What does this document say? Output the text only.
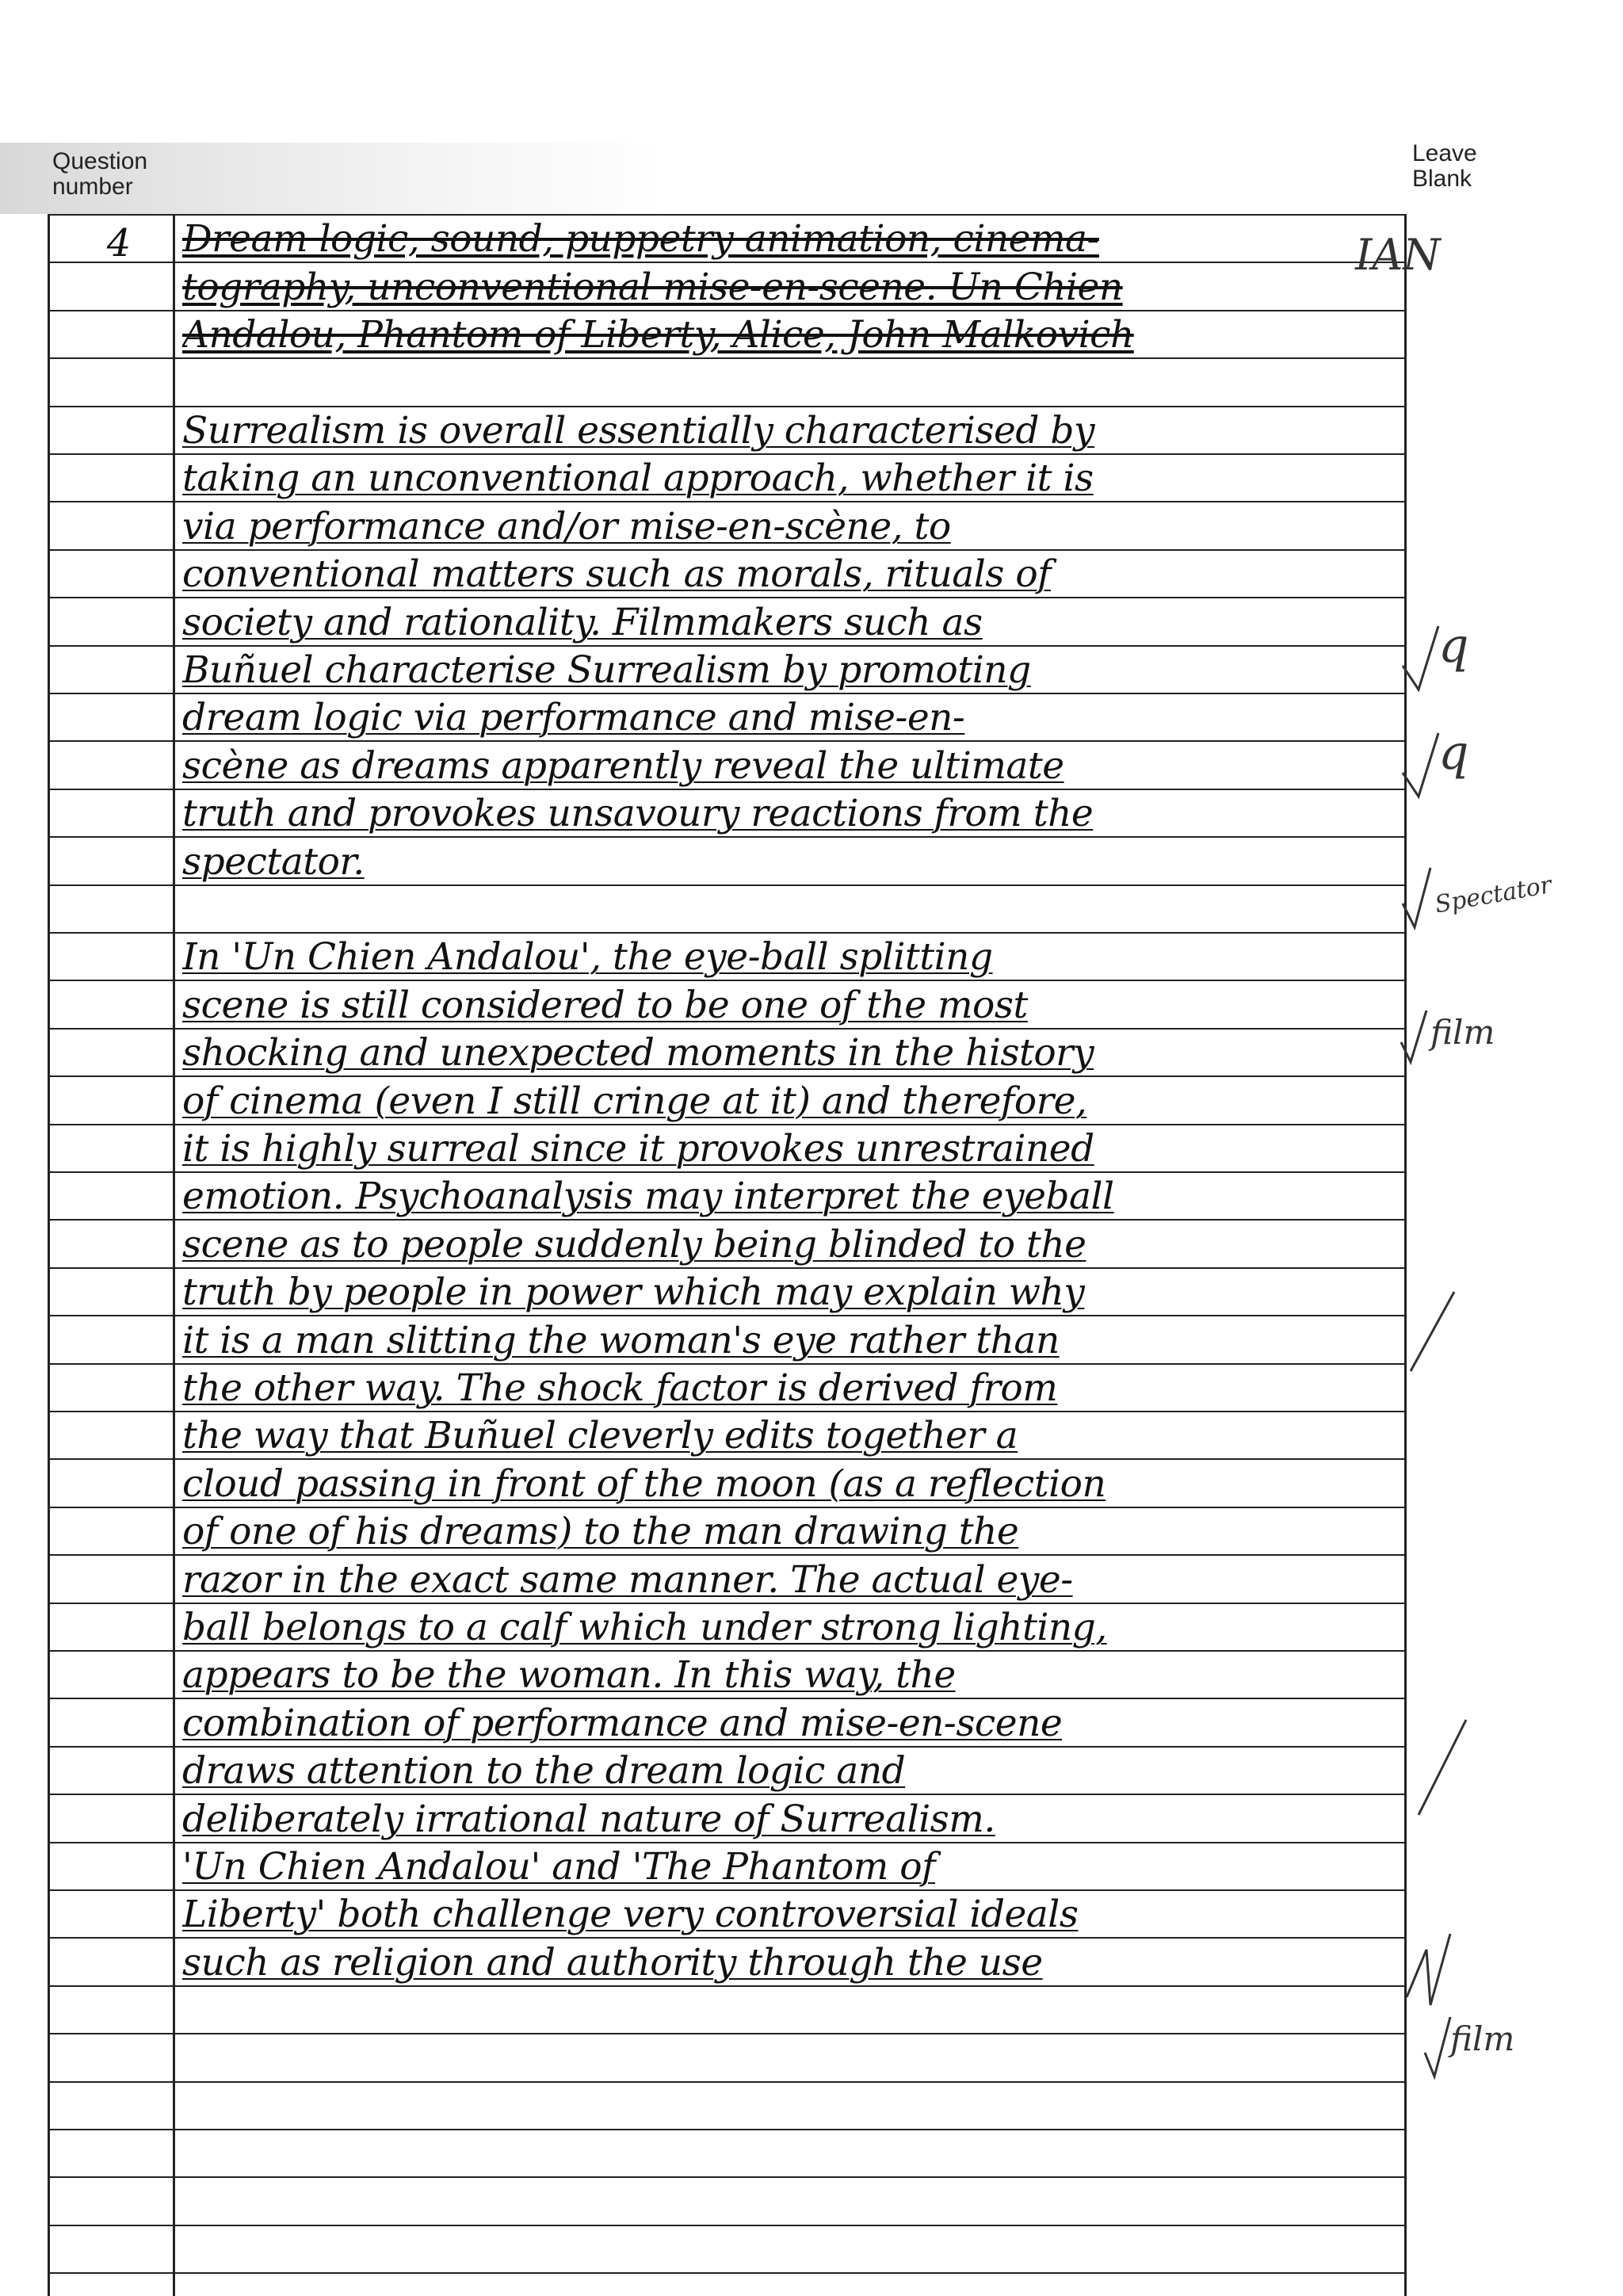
Question
number
Leave
Blank
4	Dream logic, sound, puppetry animation, cinema-
tography, unconventional mise-en-scene. Un Chien
Andalou, Phantom of Liberty, Alice, John Malkovich
Surrealism is overall essentially characterised by
taking an unconventional approach, whether it is
via performance and/or mise-en-scène, to
conventional matters such as morals, rituals of
society and rationality. Filmmakers such as
Buñuel characterise Surrealism by promoting
dream logic via performance and mise-en-
scène as dreams apparently reveal the ultimate
truth and provokes unsavoury reactions from the
spectator.
In 'Un Chien Andalou', the eye-ball splitting
scene is still considered to be one of the most
shocking and unexpected moments in the history
of cinema (even I still cringe at it) and therefore,
it is highly surreal since it provokes unrestrained
emotion. Psychoanalysis may interpret the eyeball
scene as to people suddenly being blinded to the
truth by people in power which may explain why
it is a man slitting the woman's eye rather than
the other way. The shock factor is derived from
the way that Buñuel cleverly edits together a
cloud passing in front of the moon (as a reflection
of one of his dreams) to the man drawing the
razor in the exact same manner. The actual eye-
ball belongs to a calf which under strong lighting,
appears to be the woman. In this way, the
combination of performance and mise-en-scene
draws attention to the dream logic and
deliberately irrational nature of Surrealism.
'Un Chien Andalou' and 'The Phantom of
Liberty' both challenge very controversial ideals
such as religion and authority through the use
IAN
q
q
Spectator
film
film
